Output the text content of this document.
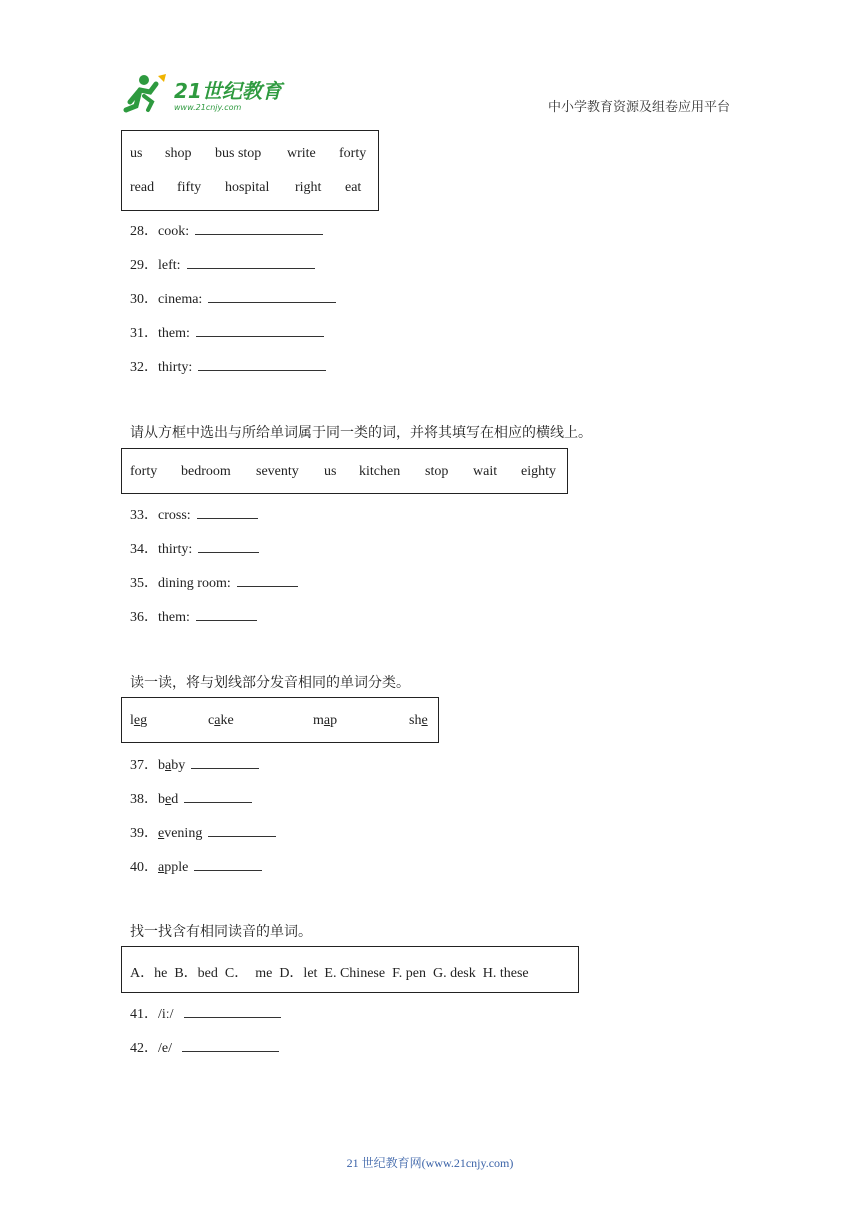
21世纪教育
www.21cnjy.com	中小学教育资源及组卷应用平台
us	shop	bus stop	write	forty
read	fifty	hospital	right	eat
28．cook:
29．left:
30．cinema:
31．them:
32．thirty:
请从方框中选出与所给单词属于同一类的词，并将其填写在相应的横线上。
forty	bedroom	seventy	us	kitchen	stop	wait	eighty
33．cross:
34．thirty:
35．dining room:
36．them:
读一读，将与划线部分发音相同的单词分类。
leg	cake	map	she
37．baby
38．bed
39．evening
40．apple
找一找含有相同读音的单词。
A．he  B．bed  C．  me  D．let  E. Chinese  F. pen  G. desk  H. these
41．/iː/
42．/e/
21 世纪教育网(www.21cnjy.com)
